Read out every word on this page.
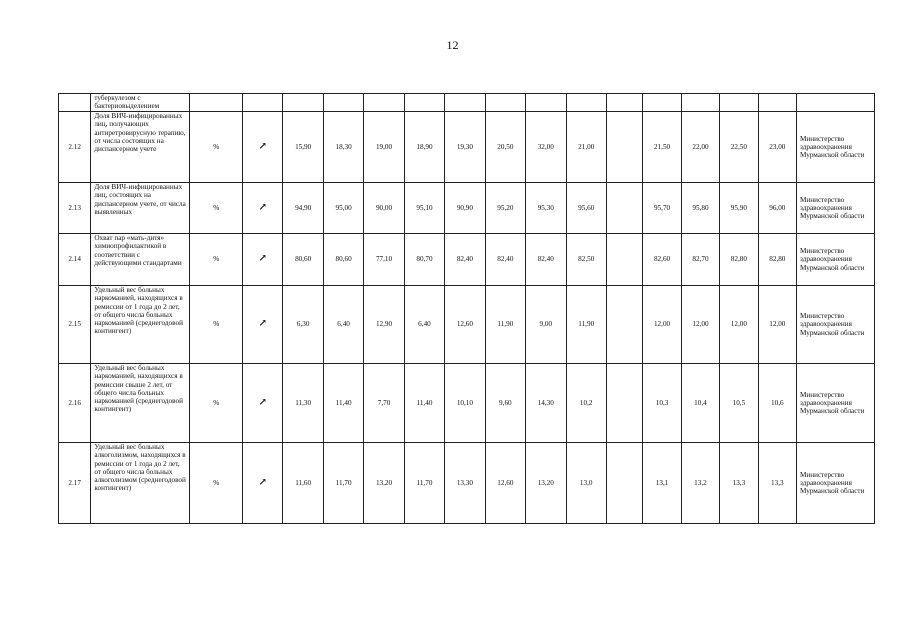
12
	туберкулезом с бактериовыделением																
2.12	Доля ВИЧ-инфицированных лиц, получающих антиретровирусную терапию, от числа состоящих на диспансерном учете	%	↗	15,90	18,30	19,00	18,90	19,30	20,50	32,00	21,00		21,50	22,00	22,50	23,00	Министерство здравоохранения Мурманской области
2.13	Доля ВИЧ-инфицированных лиц, состоящих на диспансерном учете, от числа выявленных	%	↗	94,90	95,00	90,00	95,10	90,90	95,20	95,30	95,60		95,70	95,80	95,90	96,00	Министерство здравоохранения Мурманской области
2.14	Охват пар «мать-дитя» химиопрофилактикой в соответствии с действующими стандартами	%	↗	80,60	80,60	77,10	80,70	82,40	82,40	82,40	82,50		82,60	82,70	82,80	82,80	Министерство здравоохранения Мурманской области
2.15	Удельный вес больных наркоманией, находящихся в ремиссии от 1 года до 2 лет, от общего числа больных наркоманией (среднегодовой контингент)	%	↗	6,30	6,40	12,90	6,40	12,60	11,90	9,00	11,90		12,00	12,00	12,00	12,00	Министерство здравоохранения Мурманской области
2.16	Удельный вес больных наркоманией, находящихся в ремиссии свыше 2 лет, от общего числа больных наркоманией (среднегодовой контингент)	%	↗	11,30	11,40	7,70	11,40	10,10	9,60	14,30	10,2		10,3	10,4	10,5	10,6	Министерство здравоохранения Мурманской области
2.17	Удельный вес больных алкоголизмом, находящихся в ремиссии от 1 года до 2 лет, от общего числа больных алкоголизмом (среднегодовой контингент)	%	↗	11,60	11,70	13,20	11,70	13,30	12,60	13,20	13,0		13,1	13,2	13,3	13,3	Министерство здравоохранения Мурманской области
